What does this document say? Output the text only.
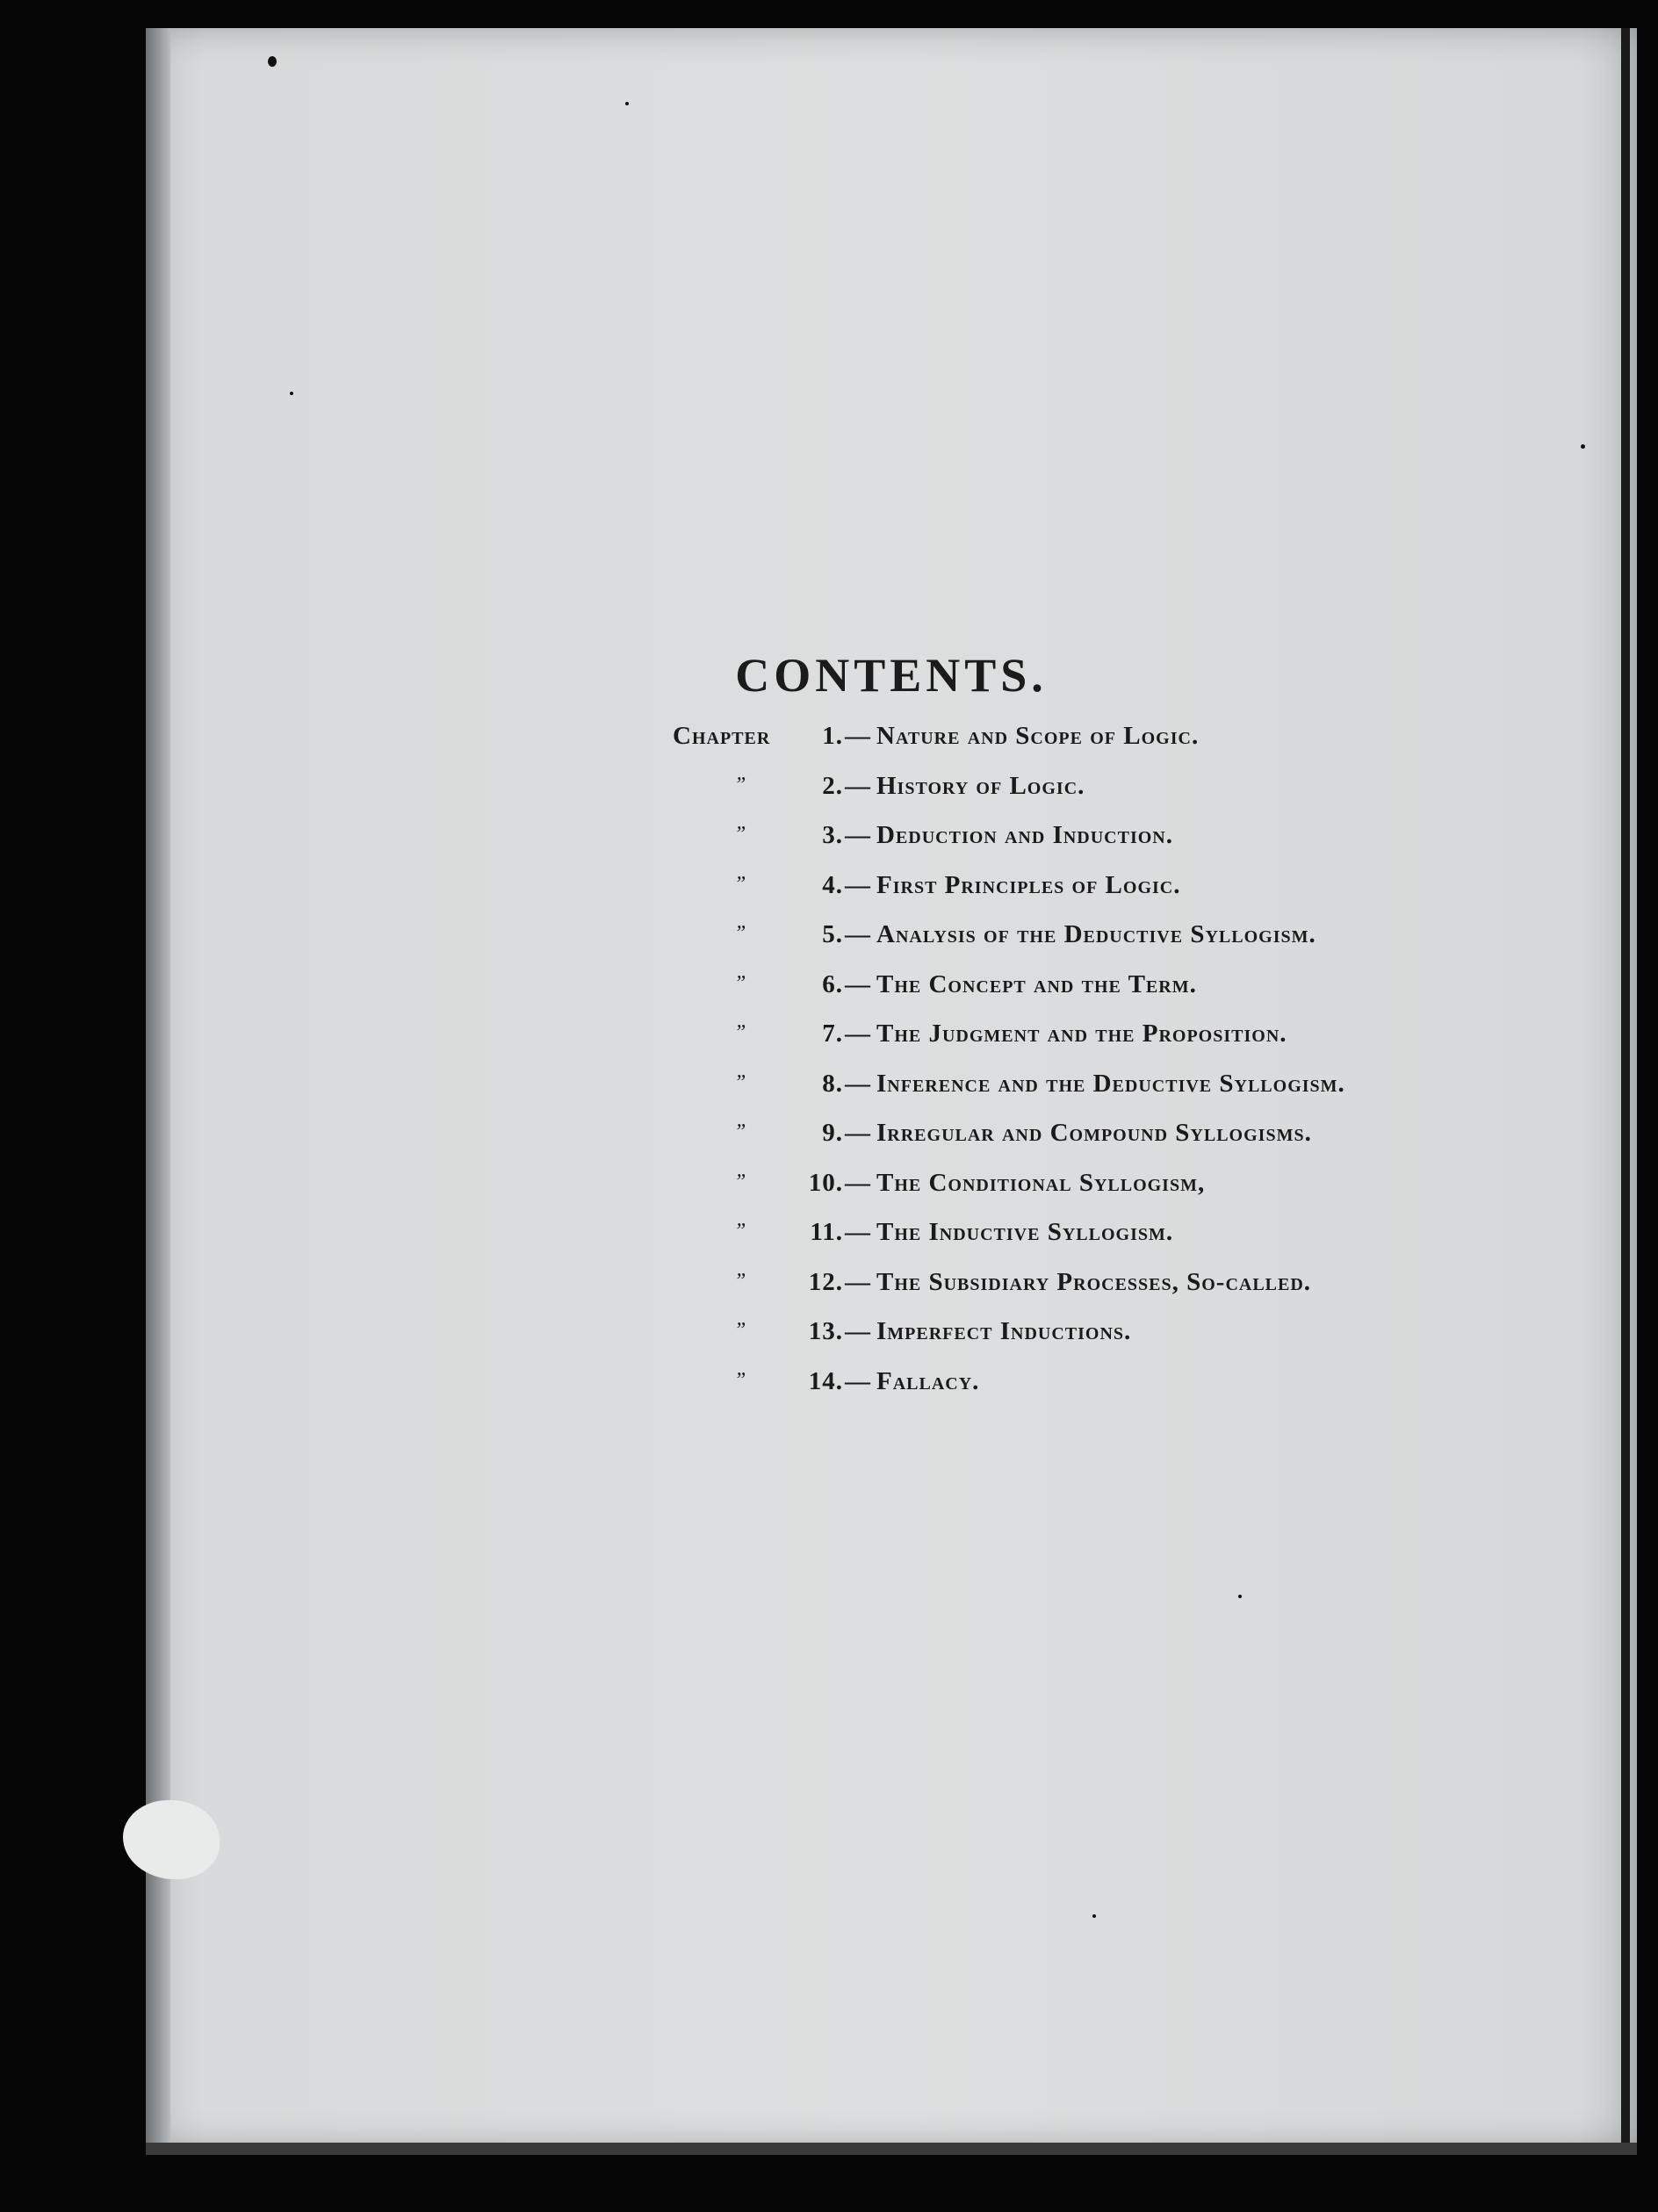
CONTENTS.
Chapter	1. — Nature and Scope of Logic.
”	2. — History of Logic.
”	3. — Deduction and Induction.
”	4. — First Principles of Logic.
”	5. — Analysis of the Deductive Syllogism.
”	6. — The Concept and the Term.
”	7. — The Judgment and the Proposition.
”	8. — Inference and the Deductive Syllogism.
”	9. — Irregular and Compound Syllogisms.
”	10. — The Conditional Syllogism,
”	11. — The Inductive Syllogism.
”	12. — The Subsidiary Processes, So-called.
”	13. — Imperfect Inductions.
”	14. — Fallacy.
